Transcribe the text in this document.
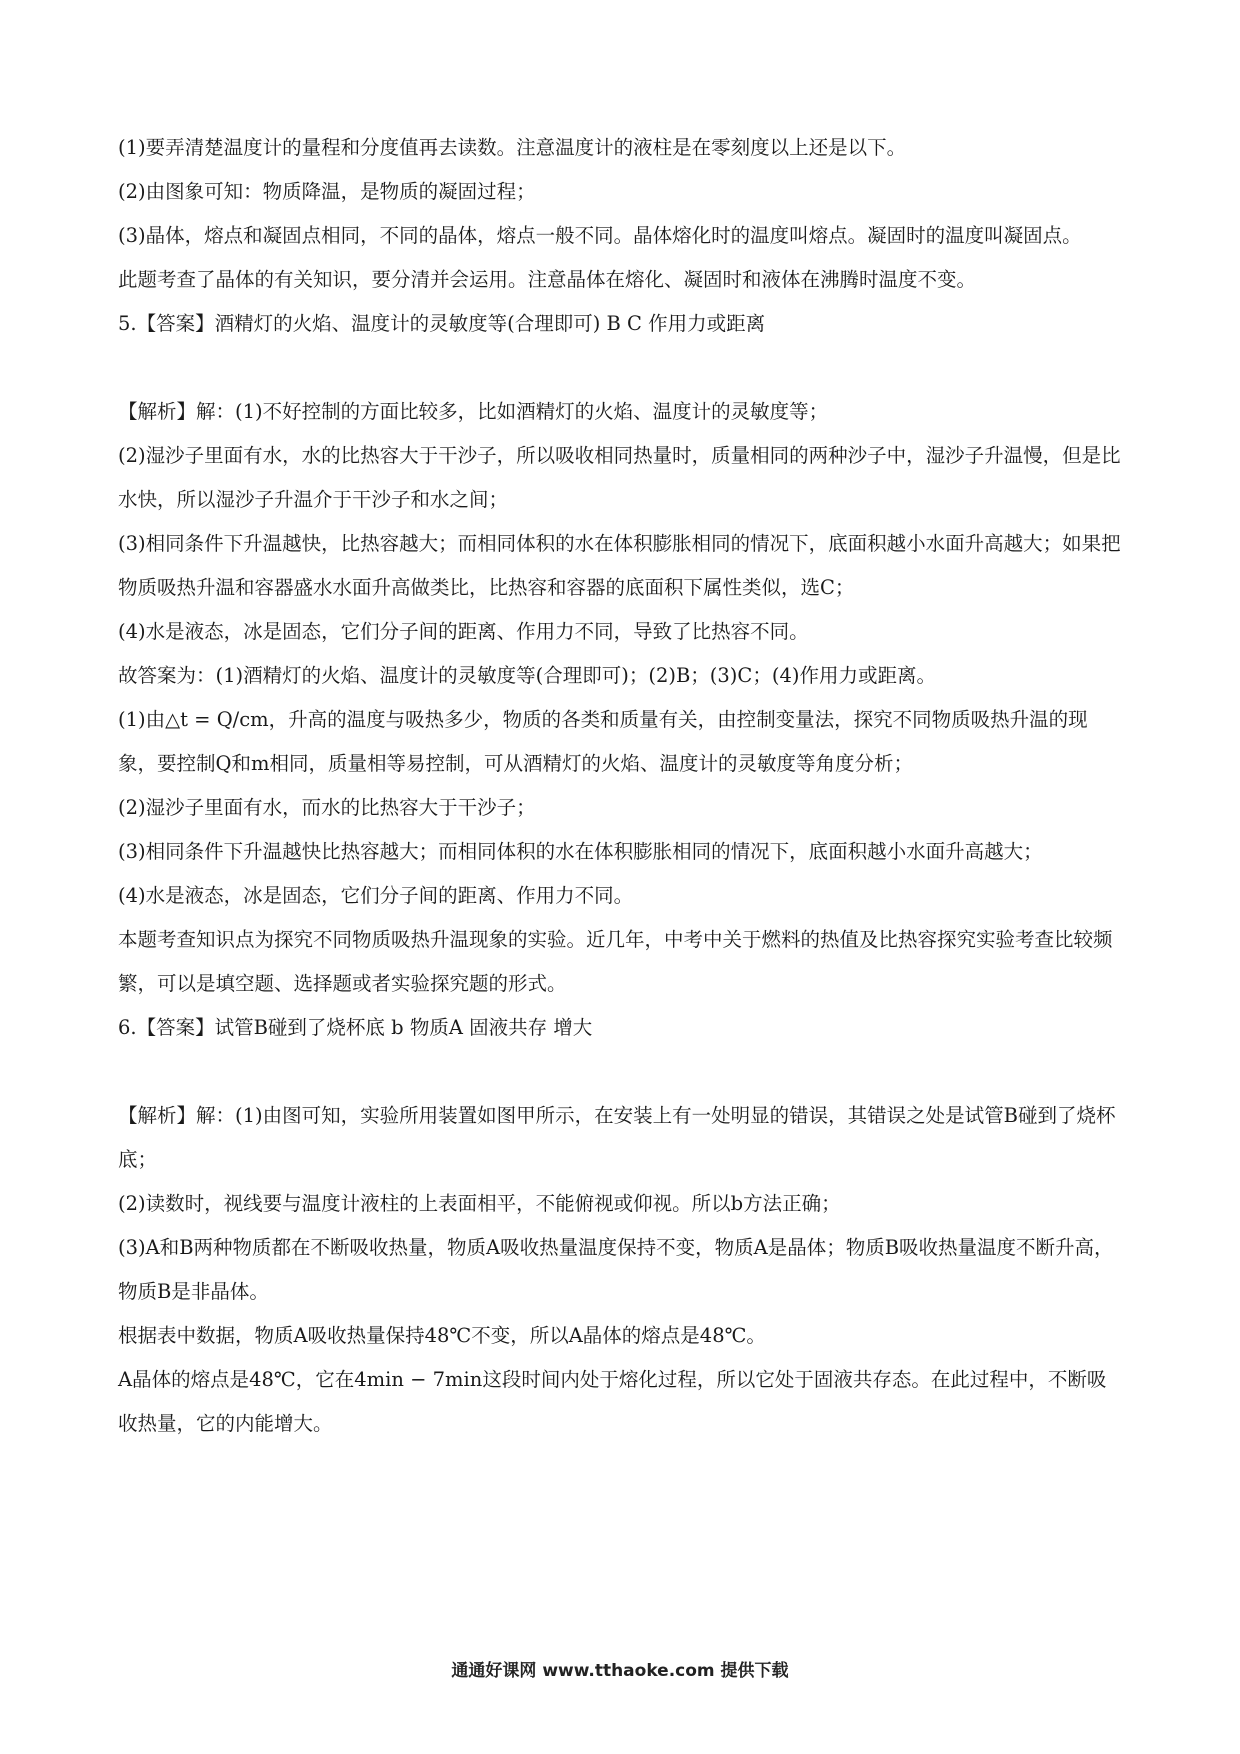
(1)要弄清楚温度计的量程和分度值再去读数。注意温度计的液柱是在零刻度以上还是以下。

(2)由图象可知：物质降温，是物质的凝固过程；

(3)晶体，熔点和凝固点相同，不同的晶体，熔点一般不同。晶体熔化时的温度叫熔点。凝固时的温度叫凝固点。

此题考查了晶体的有关知识，要分清并会运用。注意晶体在熔化、凝固时和液体在沸腾时温度不变。

5.【答案】酒精灯的火焰、温度计的灵敏度等(合理即可) B C 作用力或距离

【解析】解：(1)不好控制的方面比较多，比如酒精灯的火焰、温度计的灵敏度等；

(2)湿沙子里面有水，水的比热容大于干沙子，所以吸收相同热量时，质量相同的两种沙子中，湿沙子升温慢，但是比水快，所以湿沙子升温介于干沙子和水之间；

(3)相同条件下升温越快，比热容越大；而相同体积的水在体积膨胀相同的情况下，底面积越小水面升高越大；如果把物质吸热升温和容器盛水水面升高做类比，比热容和容器的底面积下属性类似，选C；

(4)水是液态，冰是固态，它们分子间的距离、作用力不同，导致了比热容不同。

故答案为：(1)酒精灯的火焰、温度计的灵敏度等(合理即可)；(2)B；(3)C；(4)作用力或距离。

(1)由△t = Q/cm，升高的温度与吸热多少，物质的各类和质量有关，由控制变量法，探究不同物质吸热升温的现象，要控制Q和m相同，质量相等易控制，可从酒精灯的火焰、温度计的灵敏度等角度分析；

(2)湿沙子里面有水，而水的比热容大于干沙子；

(3)相同条件下升温越快比热容越大；而相同体积的水在体积膨胀相同的情况下，底面积越小水面升高越大；

(4)水是液态，冰是固态，它们分子间的距离、作用力不同。

本题考查知识点为探究不同物质吸热升温现象的实验。近几年，中考中关于燃料的热值及比热容探究实验考查比较频繁，可以是填空题、选择题或者实验探究题的形式。

6.【答案】试管B碰到了烧杯底 b 物质A 固液共存 增大

【解析】解：(1)由图可知，实验所用装置如图甲所示，在安装上有一处明显的错误，其错误之处是试管B碰到了烧杯底；

(2)读数时，视线要与温度计液柱的上表面相平，不能俯视或仰视。所以b方法正确；

(3)A和B两种物质都在不断吸收热量，物质A吸收热量温度保持不变，物质A是晶体；物质B吸收热量温度不断升高，物质B是非晶体。

根据表中数据，物质A吸收热量保持48℃不变，所以A晶体的熔点是48℃。

A晶体的熔点是48℃，它在4min − 7min这段时间内处于熔化过程，所以它处于固液共存态。在此过程中，不断吸收热量，它的内能增大。

通通好课网 www.tthaoke.com 提供下载
